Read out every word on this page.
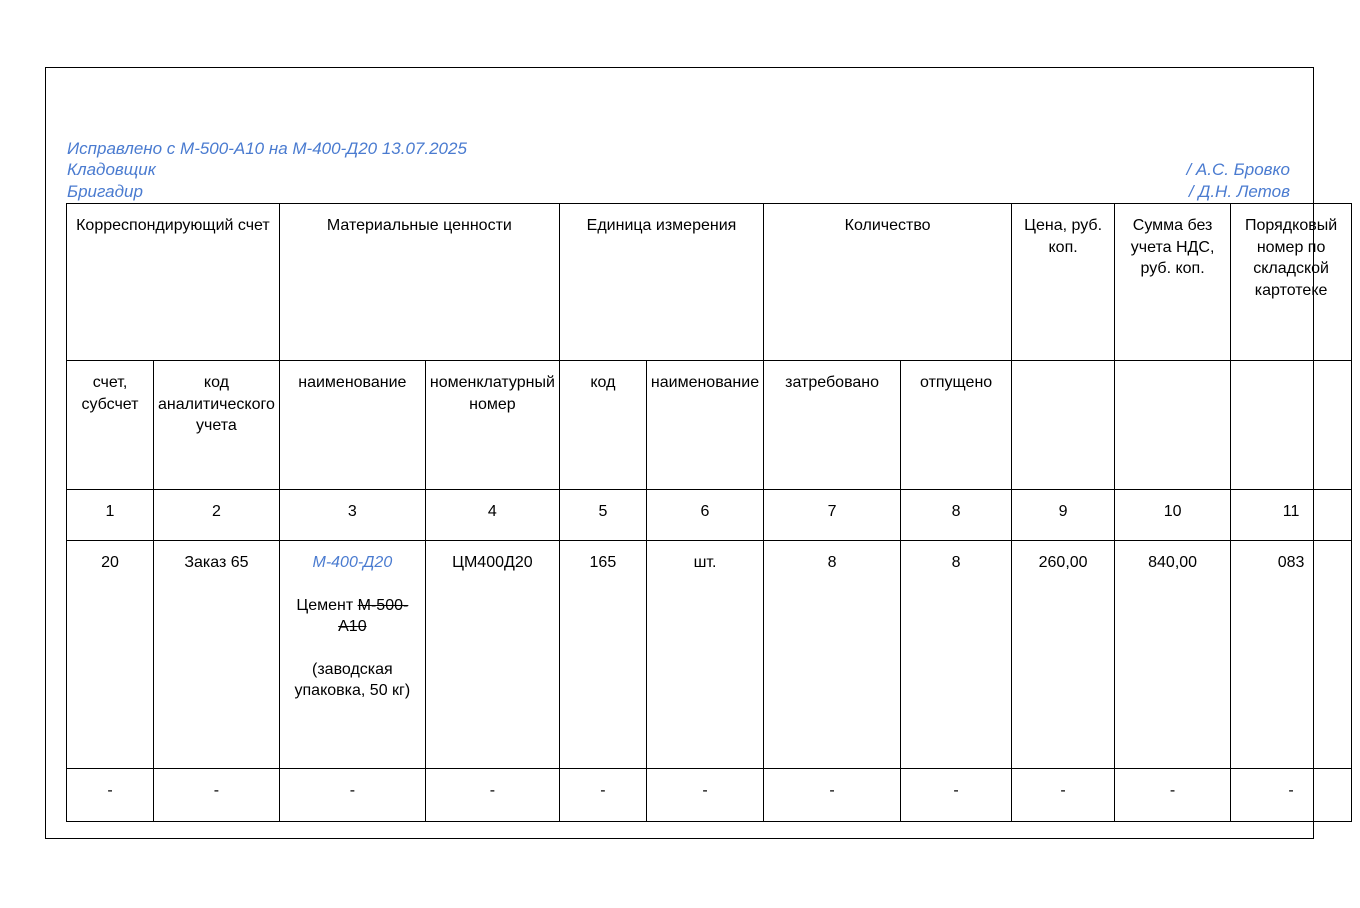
Исправлено с М-500-А10 на М-400-Д20 13.07.2025
Кладовщик	/ А.С. Бровко
Бригадир	/ Д.Н. Летов
Корреспондирующий счет		Материальные ценности		Единица измерения		Количество		Цена, руб. коп.	Сумма без учета НДС, руб. коп.	Порядковый номер по складской картотеке
счет, субсчет	код аналитического учета	наименование	номенклатурный номер	код	наименование	затребовано	отпущено			
1	2	3	4	5	6	7	8	9	10	11
20	Заказ 65	М-400-Д20
Цемент М-500-А10
(заводская упаковка, 50 кг)	ЦМ400Д20	165	шт.	8	8	260,00	840,00	083
-	-	-	-	-	-	-	-	-	-	-
